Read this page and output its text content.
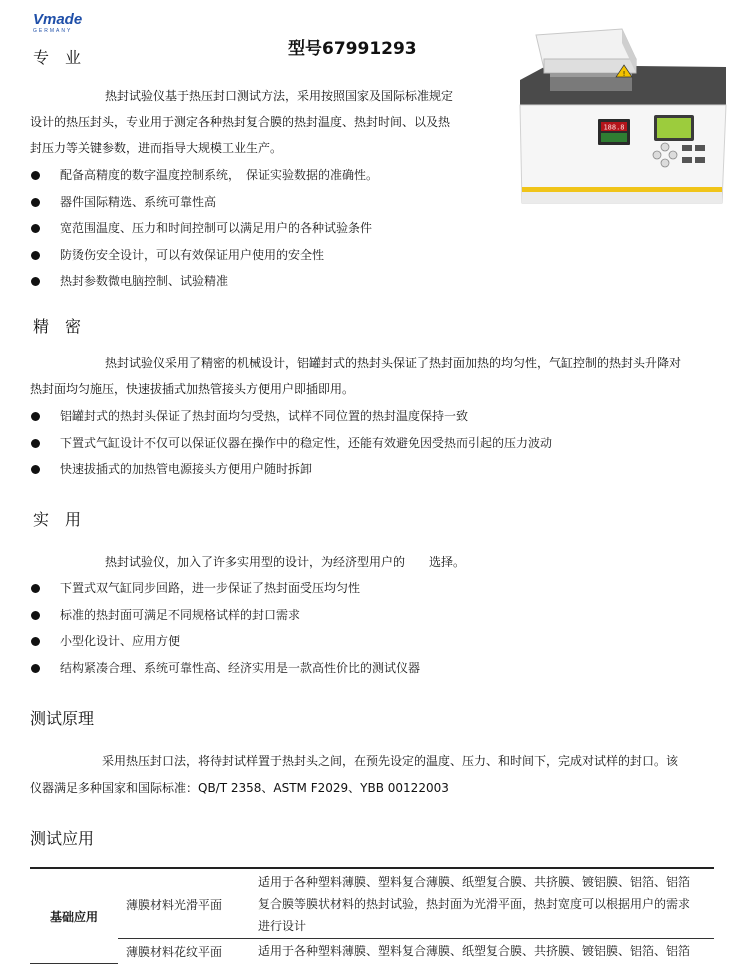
Vmade
GERMANY
型号67991293
!
188.8
专　业
热封试验仪基于热压封口测试方法，采用按照国家及国际标准规定
设计的热压封头，专业用于测定各种热封复合膜的热封温度、热封时间、以及热
封压力等关键参数，进而指导大规模工业生产。
配备高精度的数字温度控制系统，　保证实验数据的准确性。
器件国际精选、系统可靠性高
宽范围温度、压力和时间控制可以满足用户的各种试验条件
防烫伤安全设计，可以有效保证用户使用的安全性
热封参数微电脑控制、试验精准
精　密
热封试验仪采用了精密的机械设计，铝罐封式的热封头保证了热封面加热的均匀性，气缸控制的热封头升降对
热封面均匀施压，快速拔插式加热管接头方便用户即插即用。
铝罐封式的热封头保证了热封面均匀受热，试样不同位置的热封温度保持一致
下置式气缸设计不仅可以保证仪器在操作中的稳定性，还能有效避免因受热而引起的压力波动
快速拔插式的加热管电源接头方便用户随时拆卸
实　用
热封试验仪，加入了许多实用型的设计，为经济型用户的　　选择。
下置式双气缸同步回路，进一步保证了热封面受压均匀性
标准的热封面可满足不同规格试样的封口需求
小型化设计、应用方便
结构紧凑合理、系统可靠性高、经济实用是一款高性价比的测试仪器
测试原理
采用热压封口法，将待封试样置于热封头之间，在预先设定的温度、压力、和时间下，完成对试样的封口。该
仪器满足多种国家和国际标准：QB/T 2358、ASTM F2029、YBB 00122003
测试应用
基础应用	薄膜材料光滑平面	适用于各种塑料薄膜、塑料复合薄膜、纸塑复合膜、共挤膜、镀铝膜、铝箔、铝箔
复合膜等膜状材料的热封试验，热封面为光滑平面，热封宽度可以根据用户的需求
进行设计

	薄膜材料花纹平面	适用于各种塑料薄膜、塑料复合薄膜、纸塑复合膜、共挤膜、镀铝膜、铝箔、铝箔
